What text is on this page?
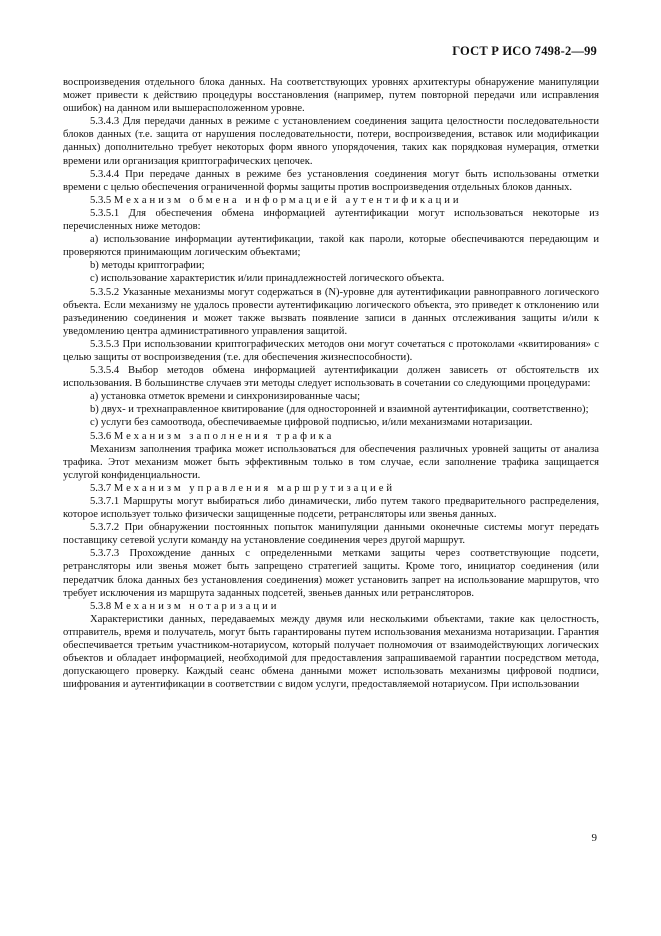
ГОСТ Р ИСО 7498-2—99

воспроизведения отдельного блока данных. На соответствующих уровнях архитектуры обнаружение манипуляции может привести к действию процедуры восстановления (например, путем повторной передачи или исправления ошибок) на данном или вышерасположенном уровне.

5.3.4.3 Для передачи данных в режиме с установлением соединения защита целостности последовательности блоков данных (т.е. защита от нарушения последовательности, потери, воспроизведения, вставок или модификации данных) дополнительно требует некоторых форм явного упорядочения, таких как порядковая нумерация, отметки времени или организация криптографических цепочек.

5.3.4.4 При передаче данных в режиме без установления соединения могут быть использованы отметки времени с целью обеспечения ограниченной формы защиты против воспроизведения отдельных блоков данных.

5.3.5 Механизм обмена информацией аутентификации

5.3.5.1 Для обеспечения обмена информацией аутентификации могут использоваться некоторые из перечисленных ниже методов:

a) использование информации аутентификации, такой как пароли, которые обеспечиваются передающим и проверяются принимающим логическим объектами;

b) методы криптографии;

c) использование характеристик и/или принадлежностей логического объекта.

5.3.5.2 Указанные механизмы могут содержаться в (N)-уровне для аутентификации равноправного логического объекта. Если механизму не удалось провести аутентификацию логического объекта, это приведет к отклонению или разъединению соединения и может также вызвать появление записи в данных отслеживания защиты и/или к уведомлению центра административного управления защитой.

5.3.5.3 При использовании криптографических методов они могут сочетаться с протоколами «квитирования» с целью защиты от воспроизведения (т.е. для обеспечения жизнеспособности).

5.3.5.4 Выбор методов обмена информацией аутентификации должен зависеть от обстоятельств их использования. В большинстве случаев эти методы следует использовать в сочетании со следующими процедурами:

a) установка отметок времени и синхронизированные часы;

b) двух- и трехнаправленное квитирование (для односторонней и взаимной аутентификации, соответственно);

c) услуги без самоотвода, обеспечиваемые цифровой подписью, и/или механизмами нотаризации.

5.3.6 Механизм заполнения трафика

Механизм заполнения трафика может использоваться для обеспечения различных уровней защиты от анализа трафика. Этот механизм может быть эффективным только в том случае, если заполнение трафика защищается услугой конфиденциальности.

5.3.7 Механизм управления маршрутизацией

5.3.7.1 Маршруты могут выбираться либо динамически, либо путем такого предварительного распределения, которое использует только физически защищенные подсети, ретрансляторы или звенья данных.

5.3.7.2 При обнаружении постоянных попыток манипуляции данными оконечные системы могут передать поставщику сетевой услуги команду на установление соединения через другой маршрут.

5.3.7.3 Прохождение данных с определенными метками защиты через соответствующие подсети, ретрансляторы или звенья может быть запрещено стратегией защиты. Кроме того, инициатор соединения (или передатчик блока данных без установления соединения) может установить запрет на использование маршрутов, что требует исключения из маршрута заданных подсетей, звеньев данных или ретрансляторов.

5.3.8 Механизм нотаризации

Характеристики данных, передаваемых между двумя или несколькими объектами, такие как целостность, отправитель, время и получатель, могут быть гарантированы путем использования механизма нотаризации. Гарантия обеспечивается третьим участником-нотариусом, который получает полномочия от взаимодействующих логических объектов и обладает информацией, необходимой для предоставления запрашиваемой гарантии посредством метода, допускающего проверку. Каждый сеанс обмена данными может использовать механизмы цифровой подписи, шифрования и аутентификации в соответствии с видом услуги, предоставляемой нотариусом. При использовании

9
